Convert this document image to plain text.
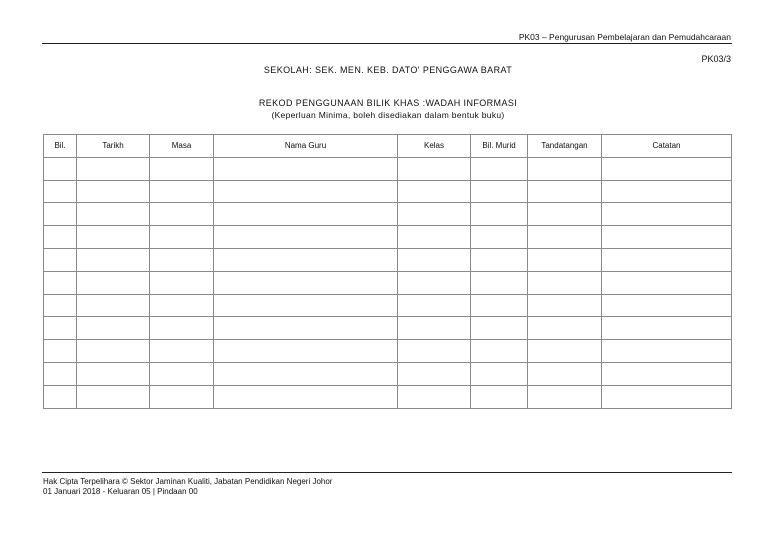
PK03 – Pengurusan Pembelajaran dan Pemudahcaraan
PK03/3
SEKOLAH: SEK. MEN. KEB. DATO' PENGGAWA BARAT
REKOD PENGGUNAAN BILIK KHAS :WADAH INFORMASI
(Keperluan Minima, boleh disediakan dalam bentuk buku)
Bil.	Tarikh	Masa	Nama Guru	Kelas	Bil. Murid	Tandatangan	Catatan

Hak Cipta Terpelihara © Sektor Jaminan Kualiti, Jabatan Pendidikan Negeri Johor
01 Januari 2018 - Keluaran 05 | Pindaan 00
